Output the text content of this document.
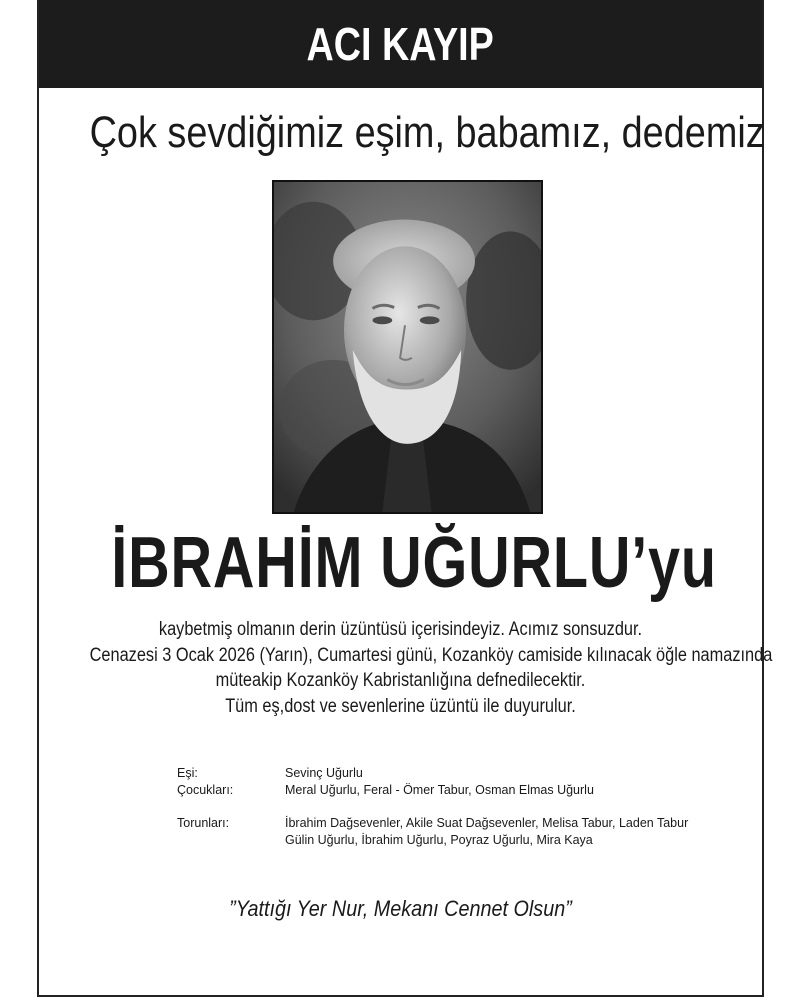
ACI KAYIP
Çok sevdiğimiz eşim, babamız, dedemiz
İBRAHİM UĞURLU’yu
kaybetmiş olmanın derin üzüntüsü içerisindeyiz. Acımız sonsuzdur.
Cenazesi 3 Ocak 2026 (Yarın), Cumartesi günü, Kozanköy camiside kılınacak öğle namazında
müteakip Kozanköy Kabristanlığına defnedilecektir.
Tüm eş,dost ve sevenlerine üzüntü ile duyurulur.
Eşi:	Sevinç Uğurlu
Çocukları:	Meral Uğurlu, Feral - Ömer Tabur, Osman Elmas Uğurlu
Torunları:	İbrahim Dağsevenler, Akile Suat Dağsevenler, Melisa Tabur, Laden Tabur
Gülin Uğurlu, İbrahim Uğurlu, Poyraz Uğurlu, Mira Kaya
”Yattığı Yer Nur, Mekanı Cennet Olsun”
